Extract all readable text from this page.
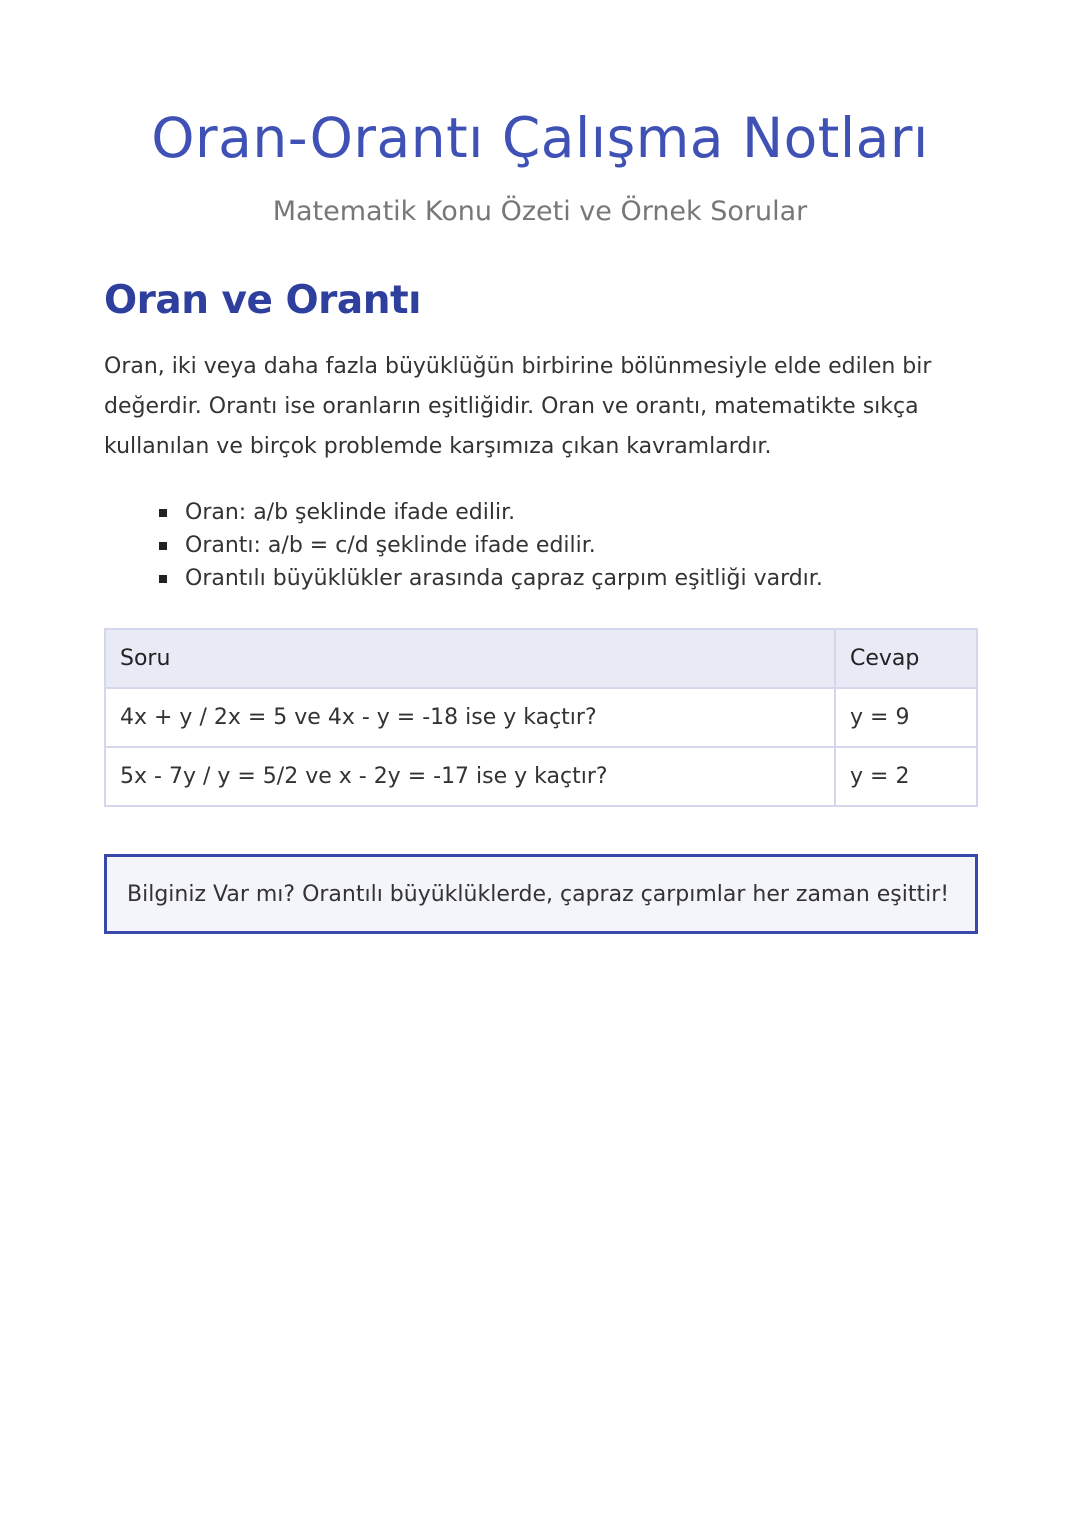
Oran-Orantı Çalışma Notları

Matematik Konu Özeti ve Örnek Sorular

Oran ve Orantı

Oran, iki veya daha fazla büyüklüğün birbirine bölünmesiyle elde edilen bir değerdir. Orantı ise oranların eşitliğidir. Oran ve orantı, matematikte sıkça kullanılan ve birçok problemde karşımıza çıkan kavramlardır.

Oran: a/b şeklinde ifade edilir.
Orantı: a/b = c/d şeklinde ifade edilir.
Orantılı büyüklükler arasında çapraz çarpım eşitliği vardır.
Soru	Cevap
4x + y / 2x = 5 ve 4x - y = -18 ise y kaçtır?	y = 9
5x - 7y / y = 5/2 ve x - 2y = -17 ise y kaçtır?	y = 2
Bilginiz Var mı? Orantılı büyüklüklerde, çapraz çarpımlar her zaman eşittir!
